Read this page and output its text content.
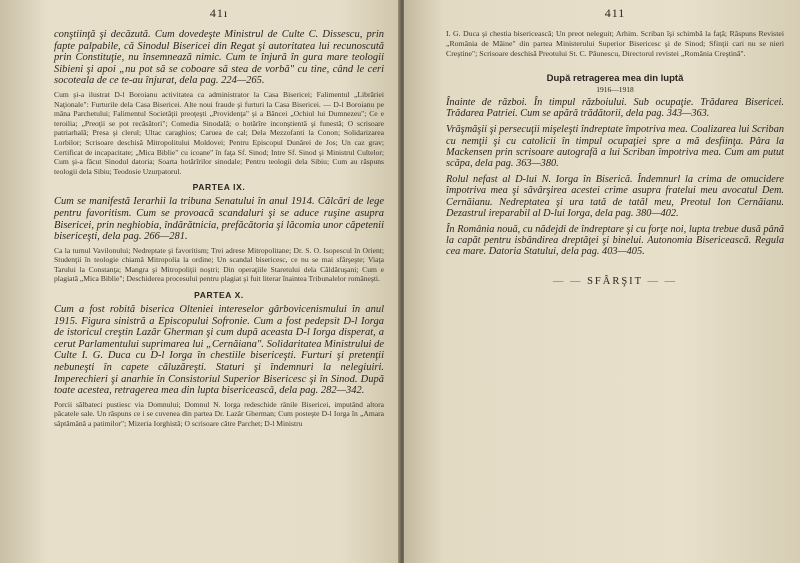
41ı

conştiinţă şi decăzută. Cum dovedeşte Ministrul de Culte C. Dissescu, prin fapte palpabile, că Sinodul Bisericei din Regat şi autoritatea lui recunoscută prin Constituţie, nu însemnează nimic. Cum te înjură în gura mare teologii Sibieni şi apoi „nu pot să se coboare să stea de vorbă" cu tine, când le ceri socoteala de ce te-au înjurat, dela pag. 224—265.

Cum şi-a ilustrat D-l Boroianu activitatea ca administrator la Casa Bisericei; Falimentul „Librăriei Naţionale": Furturile dela Casa Bisericei. Alte noui fraude şi furturi la Casa Bisericei. — D-l Boroianu pe mâna Parchetului; Falimentul Societăţii preoţeşti „Providenţa" şi a Băncei „Ochiul lui Dumnezeu"; Ce e teroilia; „Preoţii se pot recăsători"; Comedia Sinodală; o hotărîre inconştientă şi funestă; O scrisoare patriarhală; Presa şi clerul; Ultac caraghios; Caruea de cal; Dela Mezzofanti la Conon; Solidarizarea Lorbilor; Scrisoare deschisă Mitropolitului Moldovei; Pentru Episcopul Dunărei de Jos; Un caz grav; Certificat de incapacitate; „Mica Biblie" cu icoane" în faţa Sf. Sinod; Intre Sf. Sinod şi Ministrul Cultelor; Cum şi-a făcut Sinodul datoria; Soarta hotărîrilor sinodale; Pentru teologii dela Sibiu; Cum au răspuns teologii dela Sibiu; Teodosie Uzurpatorul.

PARTEA IX.

Cum se manifestă Ierarhii la tribuna Senatului în anul 1914. Călcări de lege pentru favoritism. Cum se provoacă scandaluri şi se aduce ruşine asupra Bisericei, prin neghiobia, îndărătnicia, prefăcătoria şi lăcomia unor căpetenii bisericeşti, dela pag. 266—281.

Ca la turnul Vavilonului; Nedreptate şi favoritism; Trei adrese Mitropolitane; Dr. S. O. Isopescul în Orient; Studenţii în teologie chiamă Mitropolia la ordine; Un scandal bisericesc, ce nu se mai sfârşeşte; Viaţa Tarului la Constanţa; Mangra şi Mitropoliţii noştri; Din operaţiile Staretului dela Căldăruşani; Cum e plagiată „Mica Biblie"; Deschiderea procesului pentru plagiat şi fuit literar înaintea Tribunalelor româneşti.

PARTEA X.

Cum a fost robită biserica Olteniei intereselor gârbovicenismului în anul 1915. Figura sinistră a Episcopului Sofronie. Cum a fost pedepsit D-l Iorga de istoricul creştin Lazăr Gherman şi cum după aceasta D-l Iorga disperat, a cerut Parlamentului suprimarea lui „Cernăiana". Solidaritatea Ministrului de Culte I. G. Duca cu D-l Iorga în chestiile bisericeşti. Furturi şi pretenţii nebuneşti în capete căluzăreşti. Staturi şi îndemnuri la nelegiuiri. Imperechieri şi anarhie în Consistoriul Superior Bisericesc şi în Sinod. După toate acestea, retragerea mea din lupta bisericească, dela pag. 282—342.

Porcii sălbateci pustiesc via Domnului; Domnul N. Iorga redeschide rănile Bisericei, imputând altora păcatele sale. Un răspuns ce i se cuvenea din partea Dr. Lazăr Gherman; Cum posteşte D-l Iorga în „Amara săptămână a patimilor"; Mizeria Iorghistă; O scrisoare către Parchet; D-l Ministru

411

I. G. Duca şi chestia bisericească; Un preot neleguit; Arhim. Scriban îşi schimbă la faţă; Răspuns Revistei „România de Mâine" din partea Ministerului Superior Bisericesc şi de Sinod; Sfinţii cari nu se nieri Creştine"; Scrisoare deschisă Preotului St. C. Păunescu, Directorul revistei „România Creştină".

După retragerea mea din luptă

1916—1918

Înainte de război. În timpul războiului. Sub ocupaţie. Trădarea Bisericei. Trădarea Patriei. Cum se apără trădătorii, dela pag. 343—363.

Vrăşmăşii şi persecuţii mişeleşti îndreptate împotriva mea. Coalizarea lui Scriban cu nemţii şi cu catolicii în timpul ocupaţiei spre a mă desfiinţa. Pâra la Mackensen prin scrisoare autografă a lui Scriban împotriva mea. Cum am putut scăpa, dela pag. 363—380.

Rolul nefast al D-lui N. Iorga în Biserică. Îndemnurl la crima de omucidere împotriva mea şi săvârşirea acestei crime asupra fratelui meu avocatul Dem. Cernăianu. Nedreptatea şi ura tată de tatăl meu, Preotul Ion Cernăianu. Dezastrul ireparabil al D-lui Iorga, dela pag. 380—402.

În România nouă, cu nădejdi de îndreptare şi cu forţe noi, lupta trebue dusă până la capăt pentru isbândirea dreptăţei şi binelui. Autonomia Bisericească. Regula cea mare. Datoria Statului, dela pag. 403—405.

— — SFÂRŞIT — —
